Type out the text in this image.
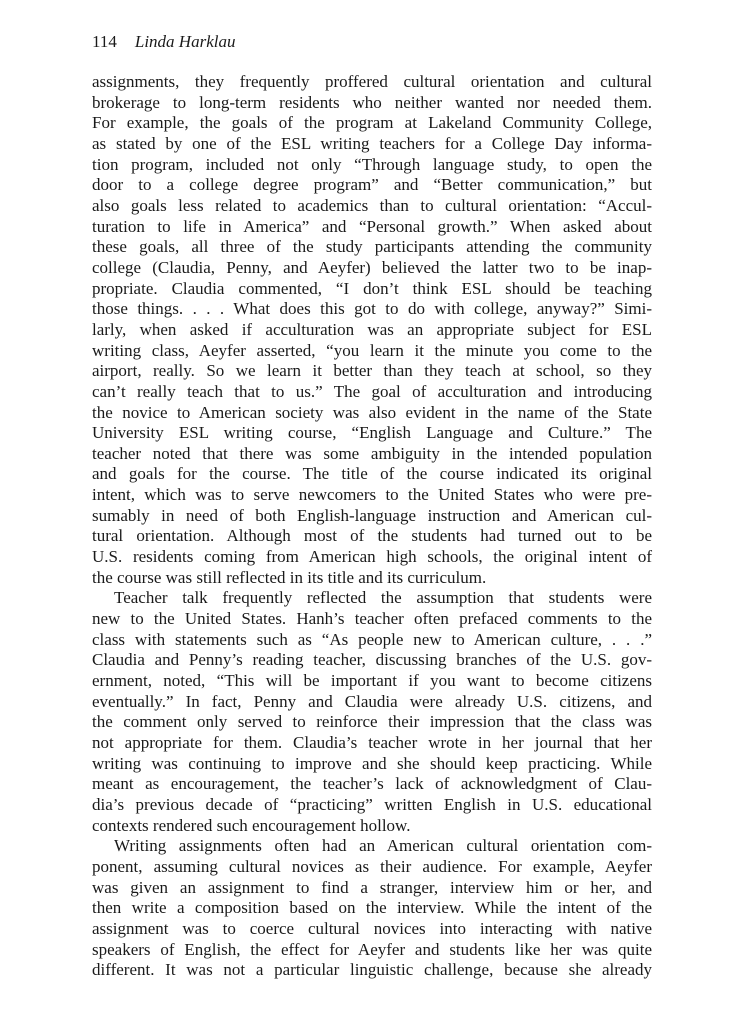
114 Linda Harklau

assignments, they frequently proffered cultural orientation and cultural
brokerage to long-term residents who neither wanted nor needed them.
For example, the goals of the program at Lakeland Community College,
as stated by one of the ESL writing teachers for a College Day informa-
tion program, included not only “Through language study, to open the
door to a college degree program” and “Better communication,” but
also goals less related to academics than to cultural orientation: “Accul-
turation to life in America” and “Personal growth.” When asked about
these goals, all three of the study participants attending the community
college (Claudia, Penny, and Aeyfer) believed the latter two to be inap-
propriate. Claudia commented, “I don’t think ESL should be teaching
those things. . . . What does this got to do with college, anyway?” Simi-
larly, when asked if acculturation was an appropriate subject for ESL
writing class, Aeyfer asserted, “you learn it the minute you come to the
airport, really. So we learn it better than they teach at school, so they
can’t really teach that to us.” The goal of acculturation and introducing
the novice to American society was also evident in the name of the State
University ESL writing course, “English Language and Culture.” The
teacher noted that there was some ambiguity in the intended population
and goals for the course. The title of the course indicated its original
intent, which was to serve newcomers to the United States who were pre-
sumably in need of both English-language instruction and American cul-
tural orientation. Although most of the students had turned out to be
U.S. residents coming from American high schools, the original intent of
the course was still reflected in its title and its curriculum.

Teacher talk frequently reflected the assumption that students were
new to the United States. Hanh’s teacher often prefaced comments to the
class with statements such as “As people new to American culture, . . .”
Claudia and Penny’s reading teacher, discussing branches of the U.S. gov-
ernment, noted, “This will be important if you want to become citizens
eventually.” In fact, Penny and Claudia were already U.S. citizens, and
the comment only served to reinforce their impression that the class was
not appropriate for them. Claudia’s teacher wrote in her journal that her
writing was continuing to improve and she should keep practicing. While
meant as encouragement, the teacher’s lack of acknowledgment of Clau-
dia’s previous decade of “practicing” written English in U.S. educational
contexts rendered such encouragement hollow.

Writing assignments often had an American cultural orientation com-
ponent, assuming cultural novices as their audience. For example, Aeyfer
was given an assignment to find a stranger, interview him or her, and
then write a composition based on the interview. While the intent of the
assignment was to coerce cultural novices into interacting with native
speakers of English, the effect for Aeyfer and students like her was quite
different. It was not a particular linguistic challenge, because she already
